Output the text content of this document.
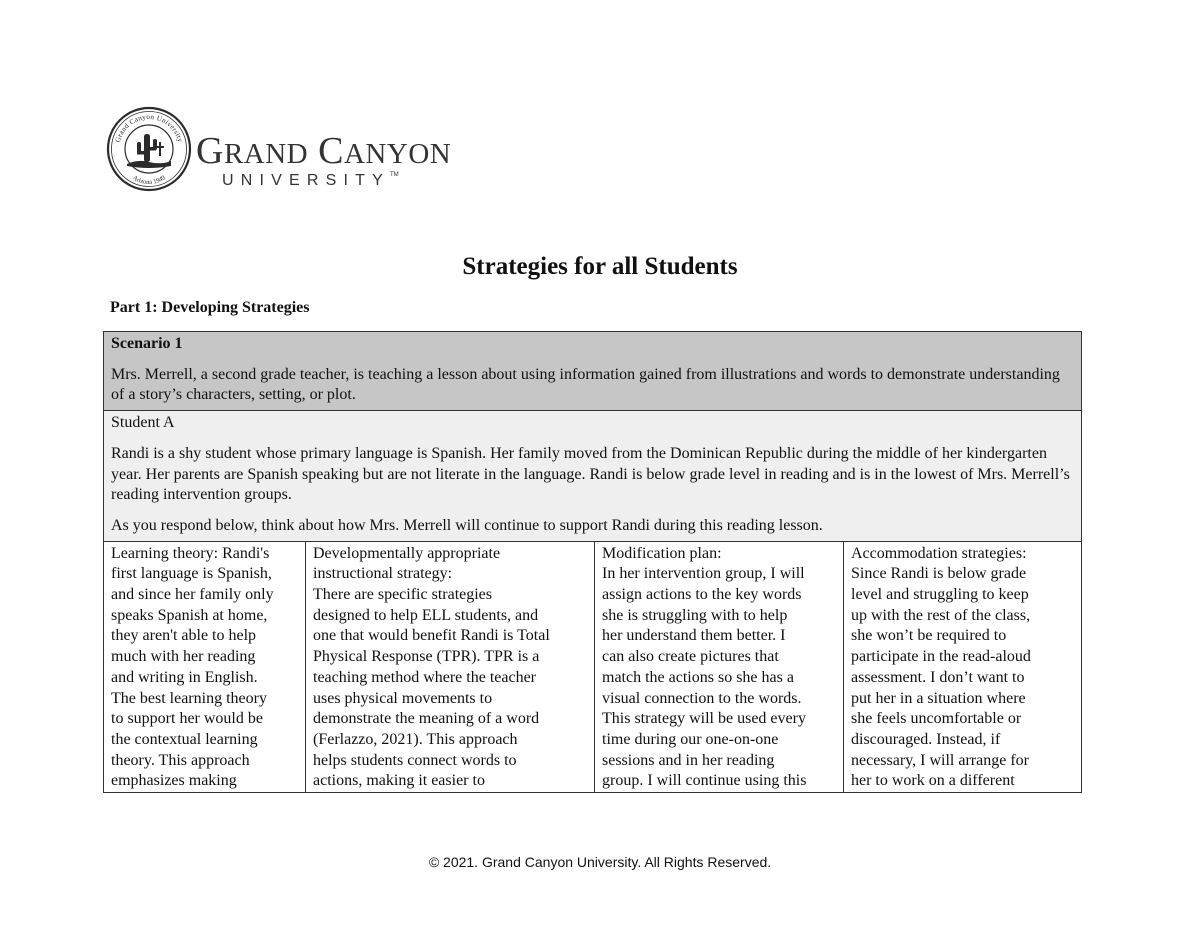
Grand Canyon University
Arizona 1949
GRAND CANYON
UNIVERSITY™
Strategies for all Students
Part 1: Developing Strategies

Scenario 1

Mrs. Merrell, a second grade teacher, is teaching a lesson about using information gained from illustrations and words to demonstrate understanding of a story’s characters, setting, or plot.

Student A

Randi is a shy student whose primary language is Spanish. Her family moved from the Dominican Republic during the middle of her kindergarten year. Her parents are Spanish speaking but are not literate in the language. Randi is below grade level in reading and is in the lowest of Mrs. Merrell’s reading intervention groups.

As you respond below, think about how Mrs. Merrell will continue to support Randi during this reading lesson.

Learning theory: Randi's
first language is Spanish,
and since her family only
speaks Spanish at home,
they aren't able to help
much with her reading
and writing in English.
The best learning theory
to support her would be
the contextual learning
theory. This approach
emphasizes making

Developmentally appropriate
instructional strategy:
There are specific strategies
designed to help ELL students, and
one that would benefit Randi is Total
Physical Response (TPR). TPR is a
teaching method where the teacher
uses physical movements to
demonstrate the meaning of a word
(Ferlazzo, 2021). This approach
helps students connect words to
actions, making it easier to

Modification plan:
In her intervention group, I will
assign actions to the key words
she is struggling with to help
her understand them better. I
can also create pictures that
match the actions so she has a
visual connection to the words.
This strategy will be used every
time during our one-on-one
sessions and in her reading
group. I will continue using this

Accommodation strategies:
Since Randi is below grade
level and struggling to keep
up with the rest of the class,
she won’t be required to
participate in the read-aloud
assessment. I don’t want to
put her in a situation where
she feels uncomfortable or
discouraged. Instead, if
necessary, I will arrange for
her to work on a different
© 2021. Grand Canyon University. All Rights Reserved.
